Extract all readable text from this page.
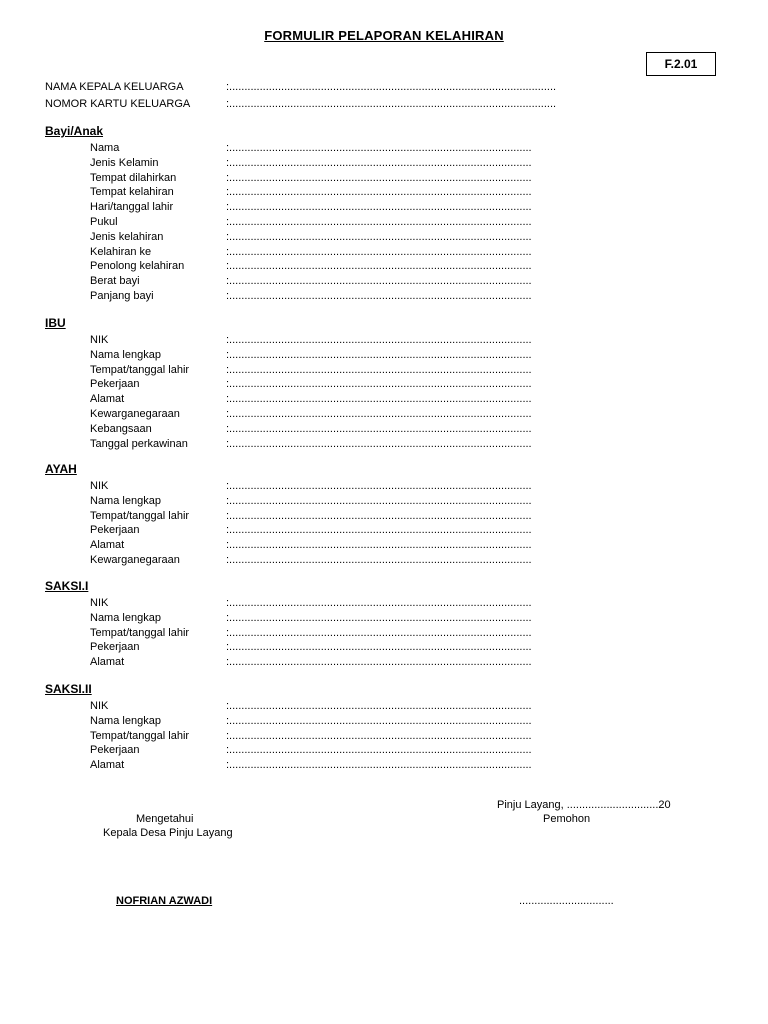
FORMULIR PELAPORAN KELAHIRAN
F.2.01
NAMA KEPALA KELUARGA	:...........................................................................................................
NOMOR KARTU KELUARGA	:...........................................................................................................
Bayi/Anak
Nama	:...................................................................................................
Jenis Kelamin	:...................................................................................................
Tempat dilahirkan	:...................................................................................................
Tempat kelahiran	:...................................................................................................
Hari/tanggal lahir	:...................................................................................................
Pukul	:...................................................................................................
Jenis kelahiran	:...................................................................................................
Kelahiran ke	:...................................................................................................
Penolong kelahiran	:...................................................................................................
Berat bayi	:...................................................................................................
Panjang bayi	:...................................................................................................
IBU
NIK	:...................................................................................................
Nama lengkap	:...................................................................................................
Tempat/tanggal lahir	:...................................................................................................
Pekerjaan	:...................................................................................................
Alamat	:...................................................................................................
Kewarganegaraan	:...................................................................................................
Kebangsaan	:...................................................................................................
Tanggal perkawinan	:...................................................................................................
AYAH
NIK	:...................................................................................................
Nama lengkap	:...................................................................................................
Tempat/tanggal lahir	:...................................................................................................
Pekerjaan	:...................................................................................................
Alamat	:...................................................................................................
Kewarganegaraan	:...................................................................................................
SAKSI.I
NIK	:...................................................................................................
Nama lengkap	:...................................................................................................
Tempat/tanggal lahir	:...................................................................................................
Pekerjaan	:...................................................................................................
Alamat	:...................................................................................................
SAKSI.II
NIK	:...................................................................................................
Nama lengkap	:...................................................................................................
Tempat/tanggal lahir	:...................................................................................................
Pekerjaan	:...................................................................................................
Alamat	:...................................................................................................
Pinju Layang, ..............................20
Mengetahui	Pemohon
Kepala Desa Pinju Layang
NOFRIAN AZWADI	...............................
